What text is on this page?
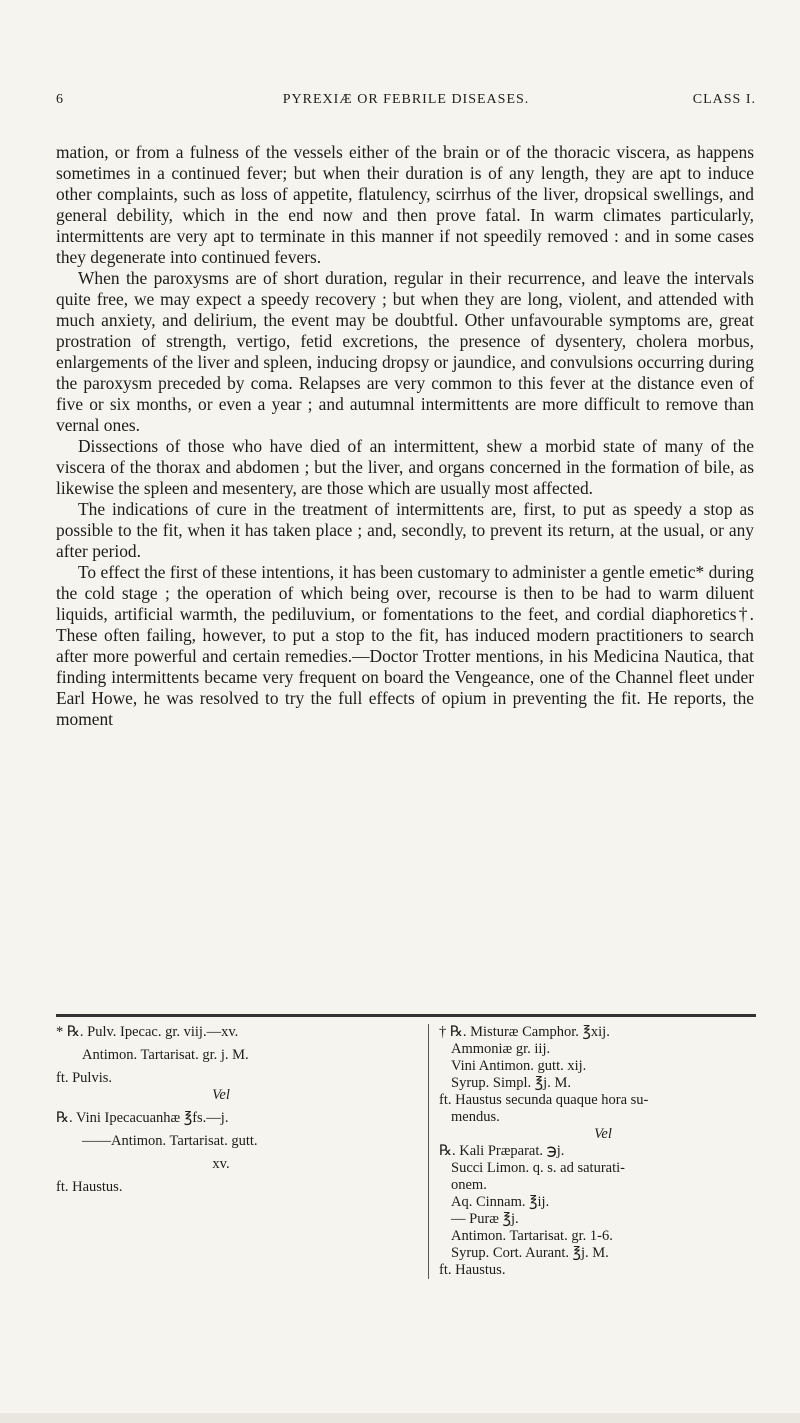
6	PYREXIÆ OR FEBRILE DISEASES.	CLASS I.

mation, or from a fulness of the vessels either of the brain or of the thoracic viscera, as happens sometimes in a continued fever; but when their duration is of any length, they are apt to induce other complaints, such as loss of appetite, flatulency, scirrhus of the liver, dropsical swellings, and general debility, which in the end now and then prove fatal. In warm climates particularly, intermittents are very apt to terminate in this manner if not speedily removed : and in some cases they degenerate into continued fevers.

When the paroxysms are of short duration, regular in their recurrence, and leave the intervals quite free, we may expect a speedy recovery ; but when they are long, violent, and attended with much anxiety, and delirium, the event may be doubtful. Other unfavourable symptoms are, great prostration of strength, vertigo, fetid excretions, the presence of dysentery, cholera morbus, enlargements of the liver and spleen, inducing dropsy or jaundice, and convulsions occurring during the paroxysm preceded by coma. Relapses are very common to this fever at the distance even of five or six months, or even a year ; and autumnal intermittents are more difficult to remove than vernal ones.

Dissections of those who have died of an intermittent, shew a morbid state of many of the viscera of the thorax and abdomen ; but the liver, and organs concerned in the formation of bile, as likewise the spleen and mesentery, are those which are usually most affected.

The indications of cure in the treatment of intermittents are, first, to put as speedy a stop as possible to the fit, when it has taken place ; and, secondly, to prevent its return, at the usual, or any after period.

To effect the first of these intentions, it has been customary to administer a gentle emetic* during the cold stage ; the operation of which being over, recourse is then to be had to warm diluent liquids, artificial warmth, the pediluvium, or fomentations to the feet, and cordial diaphoretics†. These often failing, however, to put a stop to the fit, has induced modern practitioners to search after more powerful and certain remedies.—Doctor Trotter mentions, in his Medicina Nautica, that finding intermittents became very frequent on board the Vengeance, one of the Channel fleet under Earl Howe, he was resolved to try the full effects of opium in preventing the fit. He reports, the moment

* ℞. Pulv. Ipecac. gr. viij.—xv.
Antimon. Tartarisat. gr. j. M.
ft. Pulvis.
Vel
℞. Vini Ipecacuanhæ ℥fs.—j.
——Antimon. Tartarisat. gutt.
xv.
ft. Haustus.
† ℞. Misturæ Camphor. ℥xij.
Ammoniæ gr. iij.
Vini Antimon. gutt. xij.
Syrup. Simpl. ℥j. M.
ft. Haustus secunda quaque hora su-
mendus.
Vel
℞. Kali Præparat. ℈j.
Succi Limon. q. s. ad saturati-
onem.
Aq. Cinnam. ℥ij.
— Puræ ℥j.
Antimon. Tartarisat. gr. 1-6.
Syrup. Cort. Aurant. ℥j. M.
ft. Haustus.
